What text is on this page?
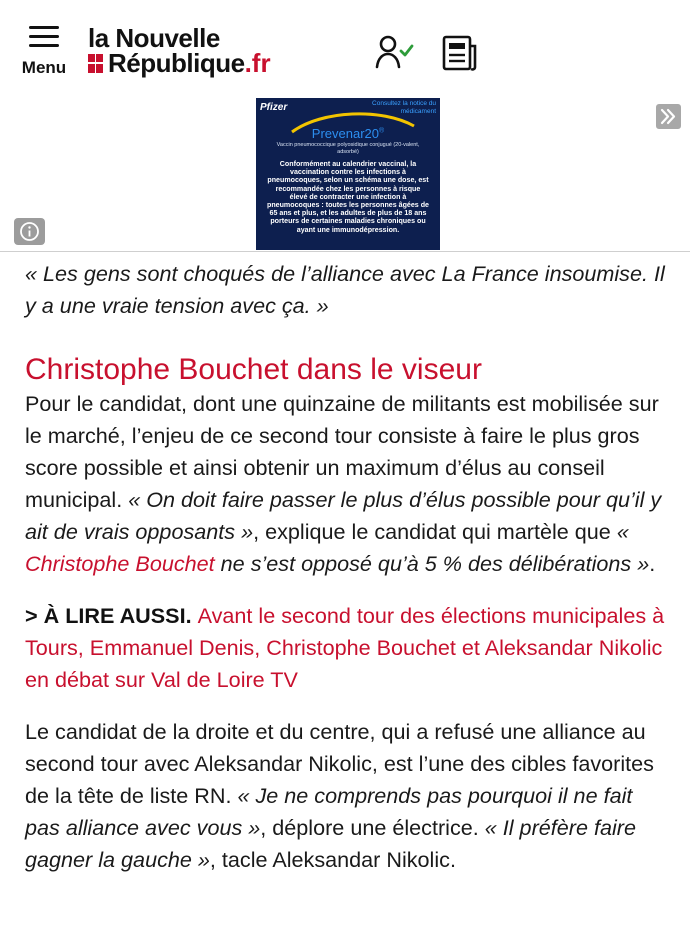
Menu
la Nouvelle
République .fr
Pfizer	Consultez la notice du médicament
Prevenar20®
Vaccin pneumococcique polyosidique conjugué (20-valent, adsorbé)
Conformément au calendrier vaccinal, la vaccination contre les infections à pneumocoques, selon un schéma une dose, est recommandée chez les personnes à risque élevé de contracter une infection à pneumocoques : toutes les personnes âgées de 65 ans et plus, et les adultes de plus de 18 ans porteurs de certaines maladies chroniques ou ayant une immunodépression.

« Les gens sont choqués de l’alliance avec La France insoumise. Il y a une vraie tension avec ça. »

Christophe Bouchet dans le viseur

Pour le candidat, dont une quinzaine de militants est mobilisée sur le marché, l’enjeu de ce second tour consiste à faire le plus gros score possible et ainsi obtenir un maximum d’élus au conseil municipal. « On doit faire passer le plus d’élus possible pour qu’il y ait de vrais opposants », explique le candidat qui martèle que « Christophe Bouchet ne s’est opposé qu’à 5 % des délibérations ».

> À LIRE AUSSI. Avant le second tour des élections municipales à Tours, Emmanuel Denis, Christophe Bouchet et Aleksandar Nikolic en débat sur Val de Loire TV

Le candidat de la droite et du centre, qui a refusé une alliance au second tour avec Aleksandar Nikolic, est l’une des cibles favorites de la tête de liste RN. « Je ne comprends pas pourquoi il ne fait pas alliance avec vous », déplore une électrice. « Il préfère faire gagner la gauche », tacle Aleksandar Nikolic.
